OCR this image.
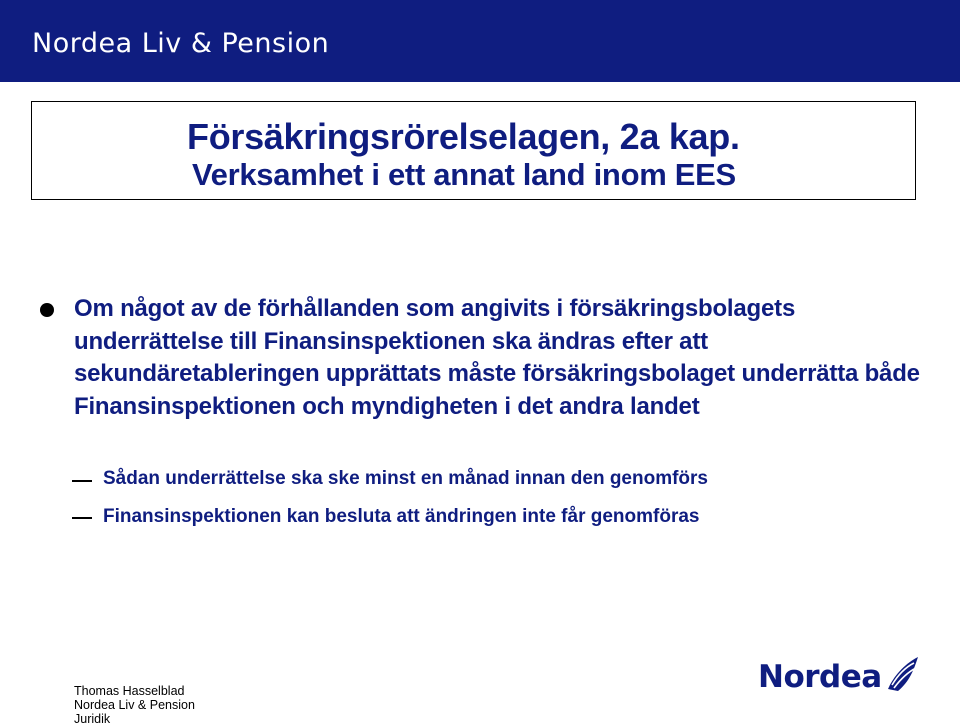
Nordea Liv & Pension
Försäkringsrörelselagen, 2a kap.
Verksamhet i ett annat land inom EES
Om något av de förhållanden som angivits i försäkringsbolagets underrättelse till Finansinspektionen ska ändras efter att sekundäretableringen upprättats måste försäkringsbolaget underrätta både Finansinspektionen och myndigheten i det andra landet
Sådan underrättelse ska ske minst en månad innan den genomförs
Finansinspektionen kan besluta att ändringen inte får genomföras
Thomas Hasselblad
Nordea Liv & Pension
Juridik
Nordea
